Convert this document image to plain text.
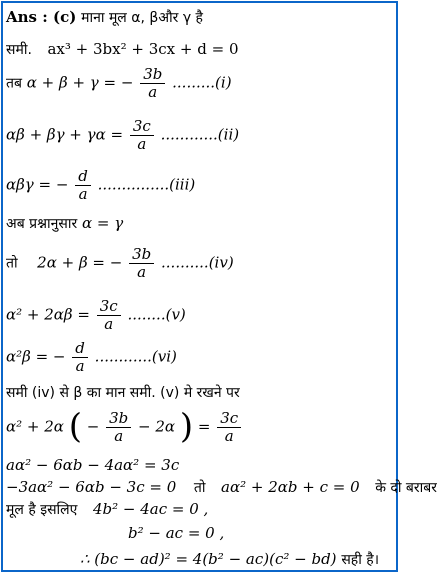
Ans : (c) माना मूल α, βऔर γ है
समी. ax³ + 3bx² + 3cx + d = 0
तब α + β + γ = − $\frac{3b}{a} .........(i)$
$\alpha\beta + \beta\gamma + \gamma\alpha = \frac{3c}{a} ............(ii)$
αβγ = − $\frac{d}{a} ...............(iii)$
अब प्रश्नानुसार α = γ
तो 2α + β = − $\frac{3b}{a} ..........(iv)$
$\alpha^2 + 2\alpha\beta = \frac{3c}{a} ........(v)$
α²β = − $\frac{d}{a} ............(vi)$
समी (iv) से β का मान समी. (v) मे रखने पर
α² + 2α ( − $\frac{3b}{a} - 2\alpha$ ) = $\frac{3c}{a}$
aα² − 6αb − 4aα² = 3c
−3aα² − 6αb − 3c = 0 तो aα² + 2αb + c = 0 के दो बराबर
मूल है इसलिए 4b² − 4ac = 0 ,
b² − ac = 0 ,
∴ (bc − ad)² = 4(b² − ac)(c² − bd) सही है।
